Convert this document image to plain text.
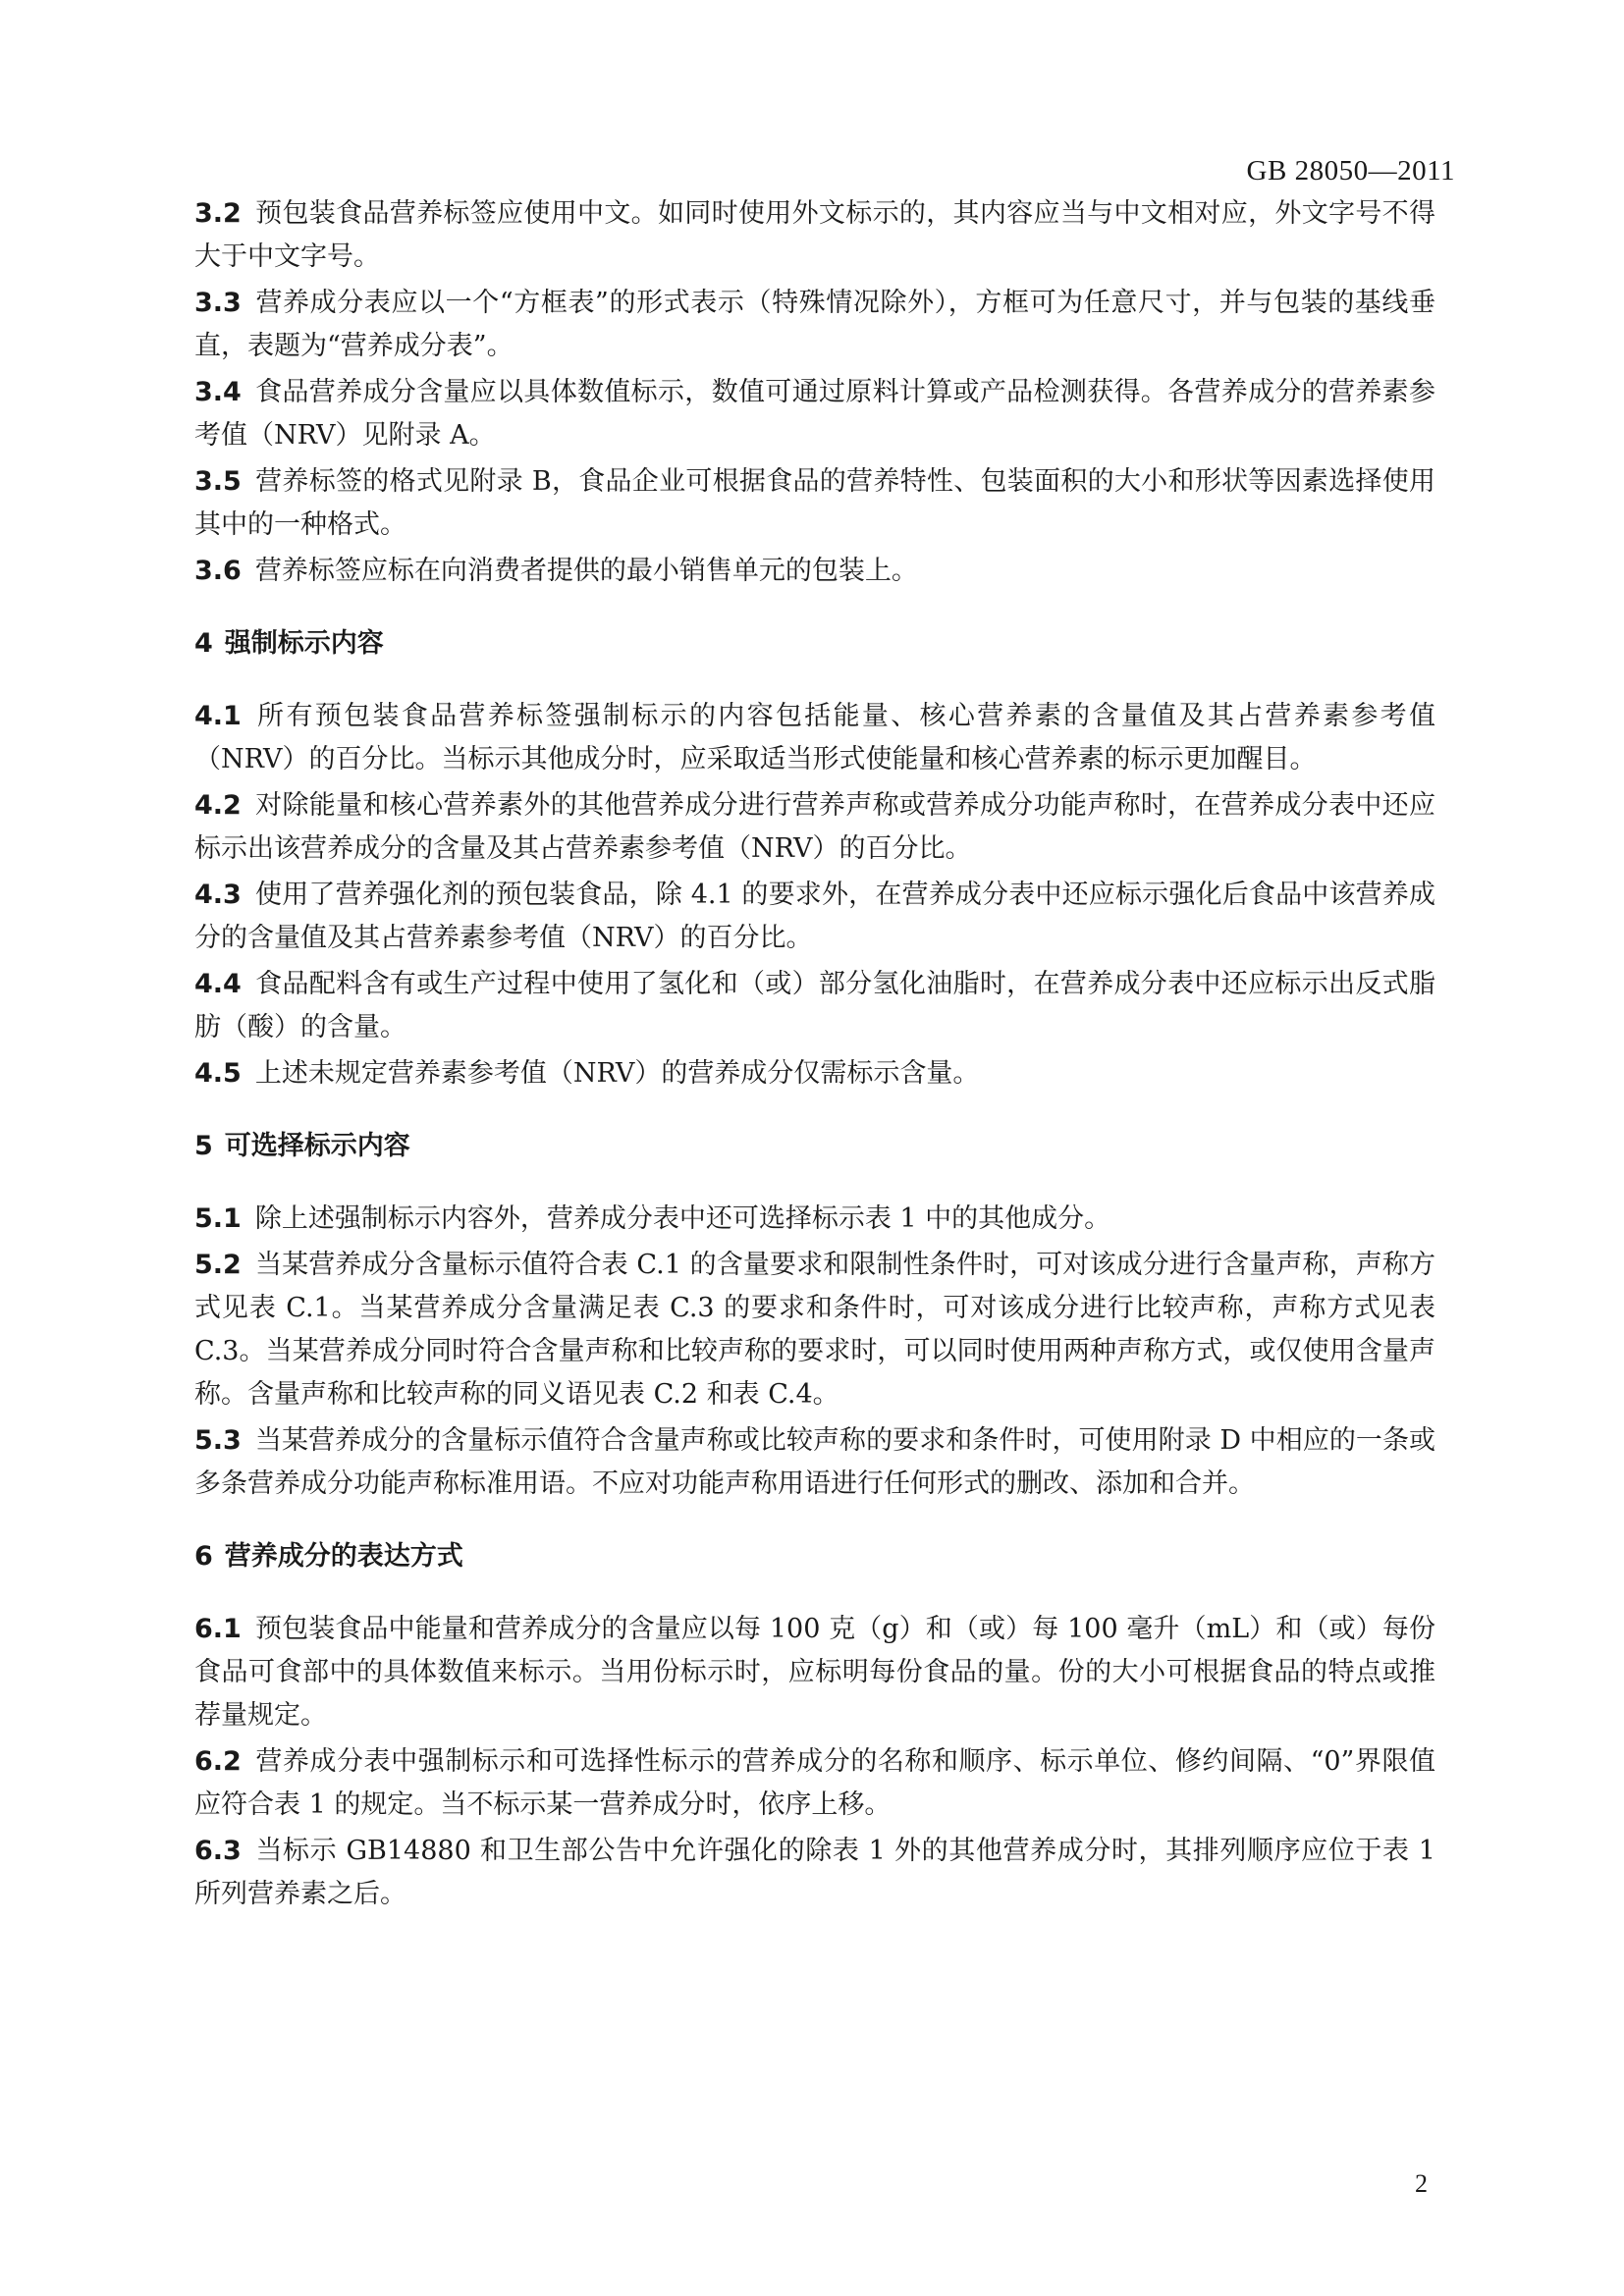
GB 28050—2011

3.2 预包装食品营养标签应使用中文。如同时使用外文标示的，其内容应当与中文相对应，外文字号不得大于中文字号。

3.3 营养成分表应以一个“方框表”的形式表示（特殊情况除外），方框可为任意尺寸，并与包装的基线垂直，表题为“营养成分表”。

3.4 食品营养成分含量应以具体数值标示，数值可通过原料计算或产品检测获得。各营养成分的营养素参考值（NRV）见附录 A。

3.5 营养标签的格式见附录 B，食品企业可根据食品的营养特性、包装面积的大小和形状等因素选择使用其中的一种格式。

3.6 营养标签应标在向消费者提供的最小销售单元的包装上。

4 强制标示内容

4.1 所有预包装食品营养标签强制标示的内容包括能量、核心营养素的含量值及其占营养素参考值（NRV）的百分比。当标示其他成分时，应采取适当形式使能量和核心营养素的标示更加醒目。

4.2 对除能量和核心营养素外的其他营养成分进行营养声称或营养成分功能声称时，在营养成分表中还应标示出该营养成分的含量及其占营养素参考值（NRV）的百分比。

4.3 使用了营养强化剂的预包装食品，除 4.1 的要求外，在营养成分表中还应标示强化后食品中该营养成分的含量值及其占营养素参考值（NRV）的百分比。

4.4 食品配料含有或生产过程中使用了氢化和（或）部分氢化油脂时，在营养成分表中还应标示出反式脂肪（酸）的含量。

4.5 上述未规定营养素参考值（NRV）的营养成分仅需标示含量。

5 可选择标示内容

5.1 除上述强制标示内容外，营养成分表中还可选择标示表 1 中的其他成分。

5.2 当某营养成分含量标示值符合表 C.1 的含量要求和限制性条件时，可对该成分进行含量声称，声称方式见表 C.1。当某营养成分含量满足表 C.3 的要求和条件时，可对该成分进行比较声称，声称方式见表 C.3。当某营养成分同时符合含量声称和比较声称的要求时，可以同时使用两种声称方式，或仅使用含量声称。含量声称和比较声称的同义语见表 C.2 和表 C.4。

5.3 当某营养成分的含量标示值符合含量声称或比较声称的要求和条件时，可使用附录 D 中相应的一条或多条营养成分功能声称标准用语。不应对功能声称用语进行任何形式的删改、添加和合并。

6 营养成分的表达方式

6.1 预包装食品中能量和营养成分的含量应以每 100 克（g）和（或）每 100 毫升（mL）和（或）每份食品可食部中的具体数值来标示。当用份标示时，应标明每份食品的量。份的大小可根据食品的特点或推荐量规定。

6.2 营养成分表中强制标示和可选择性标示的营养成分的名称和顺序、标示单位、修约间隔、“0”界限值应符合表 1 的规定。当不标示某一营养成分时，依序上移。

6.3 当标示 GB14880 和卫生部公告中允许强化的除表 1 外的其他营养成分时，其排列顺序应位于表 1 所列营养素之后。

2
